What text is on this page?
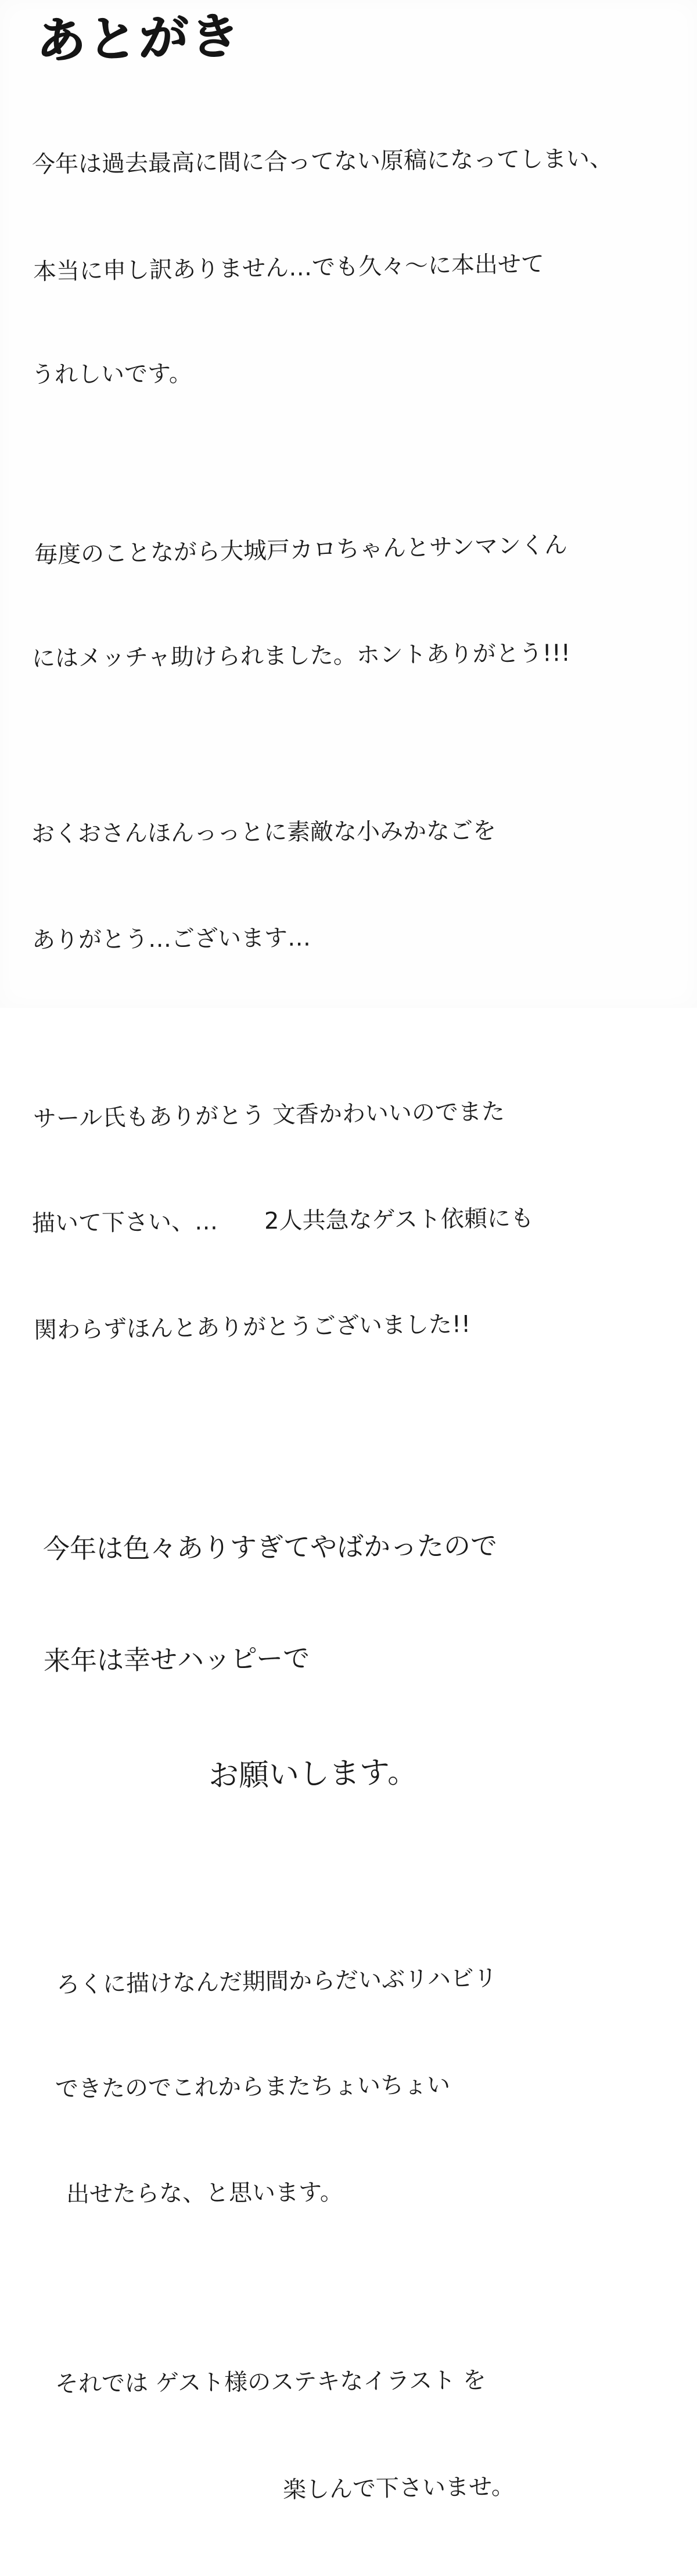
あとがき

今年は過去最高に間に合ってない原稿になってしまい、

本当に申し訳ありません…でも久々〜に本出せて

うれしいです。

毎度のことながら大城戸カロちゃんとサンマンくん

にはメッチャ助けられました。ホントありがとう!!!

おくおさんほんっっとに素敵な小みかなごを

ありがとう…ございます…

サール氏もありがとう 文香かわいいのでまた

描いて下さい、…　　2人共急なゲスト依頼にも

関わらずほんとありがとうございました!!

今年は色々ありすぎてやばかったので

来年は幸せハッピーで

お願いします。

ろくに描けなんだ期間からだいぶリハビリ

できたのでこれからまたちょいちょい

出せたらな、と思います。

それでは ゲスト様のステキなイラスト を

楽しんで下さいませ。
